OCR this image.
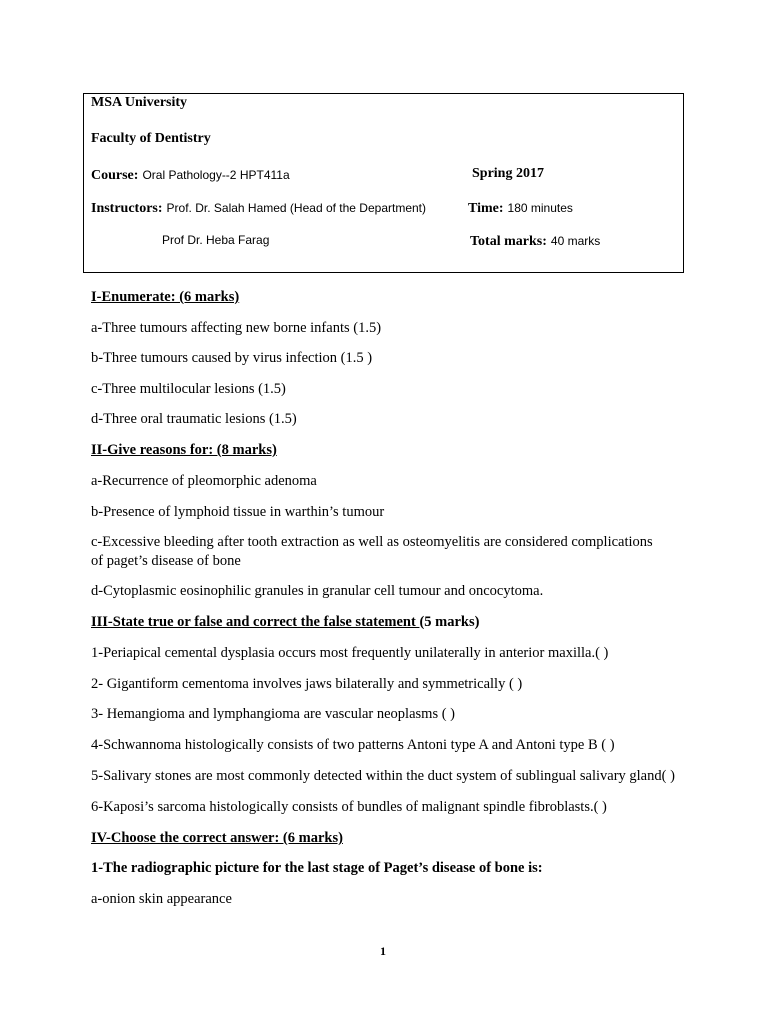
MSA University
Faculty of Dentistry
Course: Oral Pathology--2 HPT411a	Spring 2017
Instructors: Prof. Dr. Salah Hamed (Head of the Department)	Time: 180 minutes
Prof Dr. Heba Farag	Total marks: 40 marks
I-Enumerate: (6 marks)
a-Three tumours affecting new borne infants (1.5)
b-Three tumours caused by virus infection (1.5 )
c-Three multilocular lesions (1.5)
d-Three oral traumatic lesions (1.5)
II-Give reasons for: (8 marks)
a-Recurrence of pleomorphic adenoma
b-Presence of lymphoid tissue in warthin’s tumour
c-Excessive bleeding after tooth extraction as well as osteomyelitis are considered complications
of paget’s disease of bone
d-Cytoplasmic eosinophilic granules in granular cell tumour and oncocytoma.
III-State true or false and correct the false statement (5 marks)
1-Periapical cemental dysplasia occurs most frequently unilaterally in anterior maxilla.( )
2- Gigantiform cementoma involves jaws bilaterally and symmetrically ( )
3- Hemangioma and lymphangioma are vascular neoplasms ( )
4-Schwannoma histologically consists of two patterns Antoni type A and Antoni type B ( )
5-Salivary stones are most commonly detected within the duct system of sublingual salivary gland( )
6-Kaposi’s sarcoma histologically consists of bundles of malignant spindle fibroblasts.( )
IV-Choose the correct answer: (6 marks)
1-The radiographic picture for the last stage of Paget’s disease of bone is:
a-onion skin appearance
1
